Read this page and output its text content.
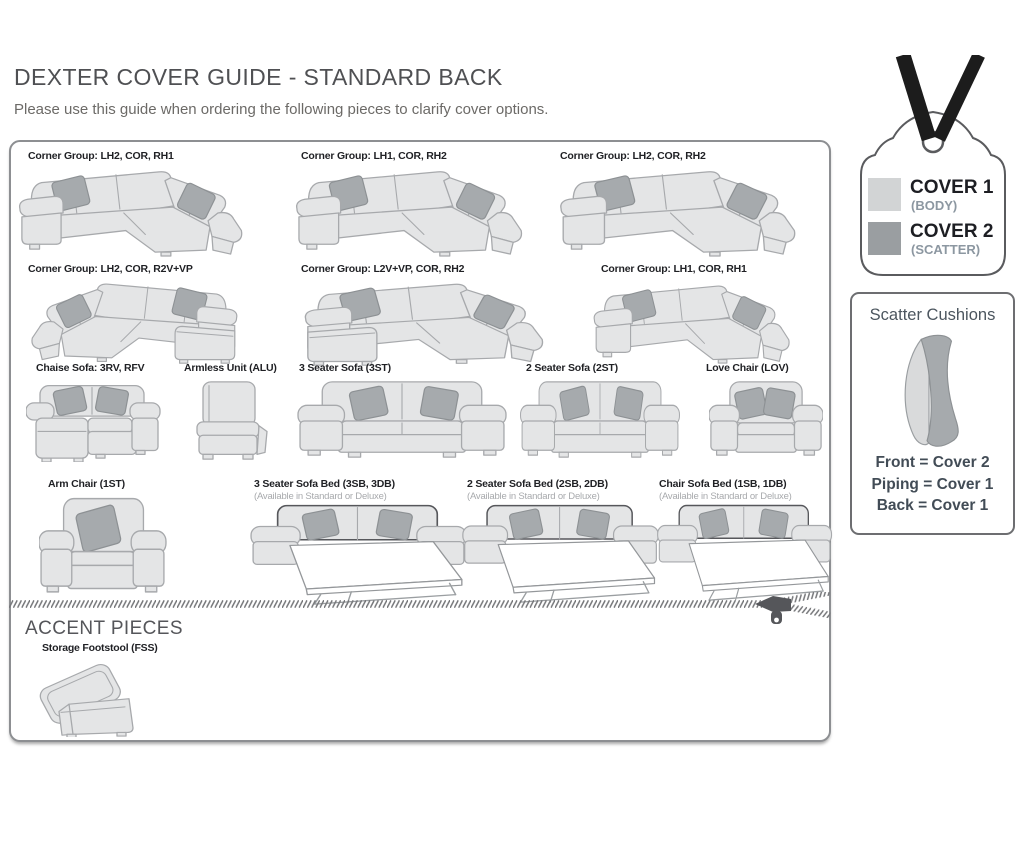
DEXTER COVER GUIDE - STANDARD BACK
Please use this guide when ordering the following pieces to clarify cover options.
Corner Group: LH2, COR, RH1	Corner Group: LH1, COR, RH2	Corner Group: LH2, COR, RH2
Corner Group: LH2, COR, R2V+VP	Corner Group: L2V+VP, COR, RH2	Corner Group: LH1, COR, RH1
Chaise Sofa: 3RV, RFV	Armless Unit (ALU) 3 Seater Sofa (3ST)	2 Seater Sofa (2ST)	Love Chair (LOV)
Arm Chair (1ST)	3 Seater Sofa Bed (3SB, 3DB)
(Available in Standard or Deluxe)
2 Seater Sofa Bed (2SB, 2DB)
(Available in Standard or Deluxe)
Chair Sofa Bed (1SB, 1DB)
(Available in Standard or Deluxe)
ACCENT PIECES
Storage Footstool (FSS)
COVER 1
(BODY)
COVER 2
(SCATTER)
Scatter Cushions
Front = Cover 2
Piping = Cover 1
Back = Cover 1
